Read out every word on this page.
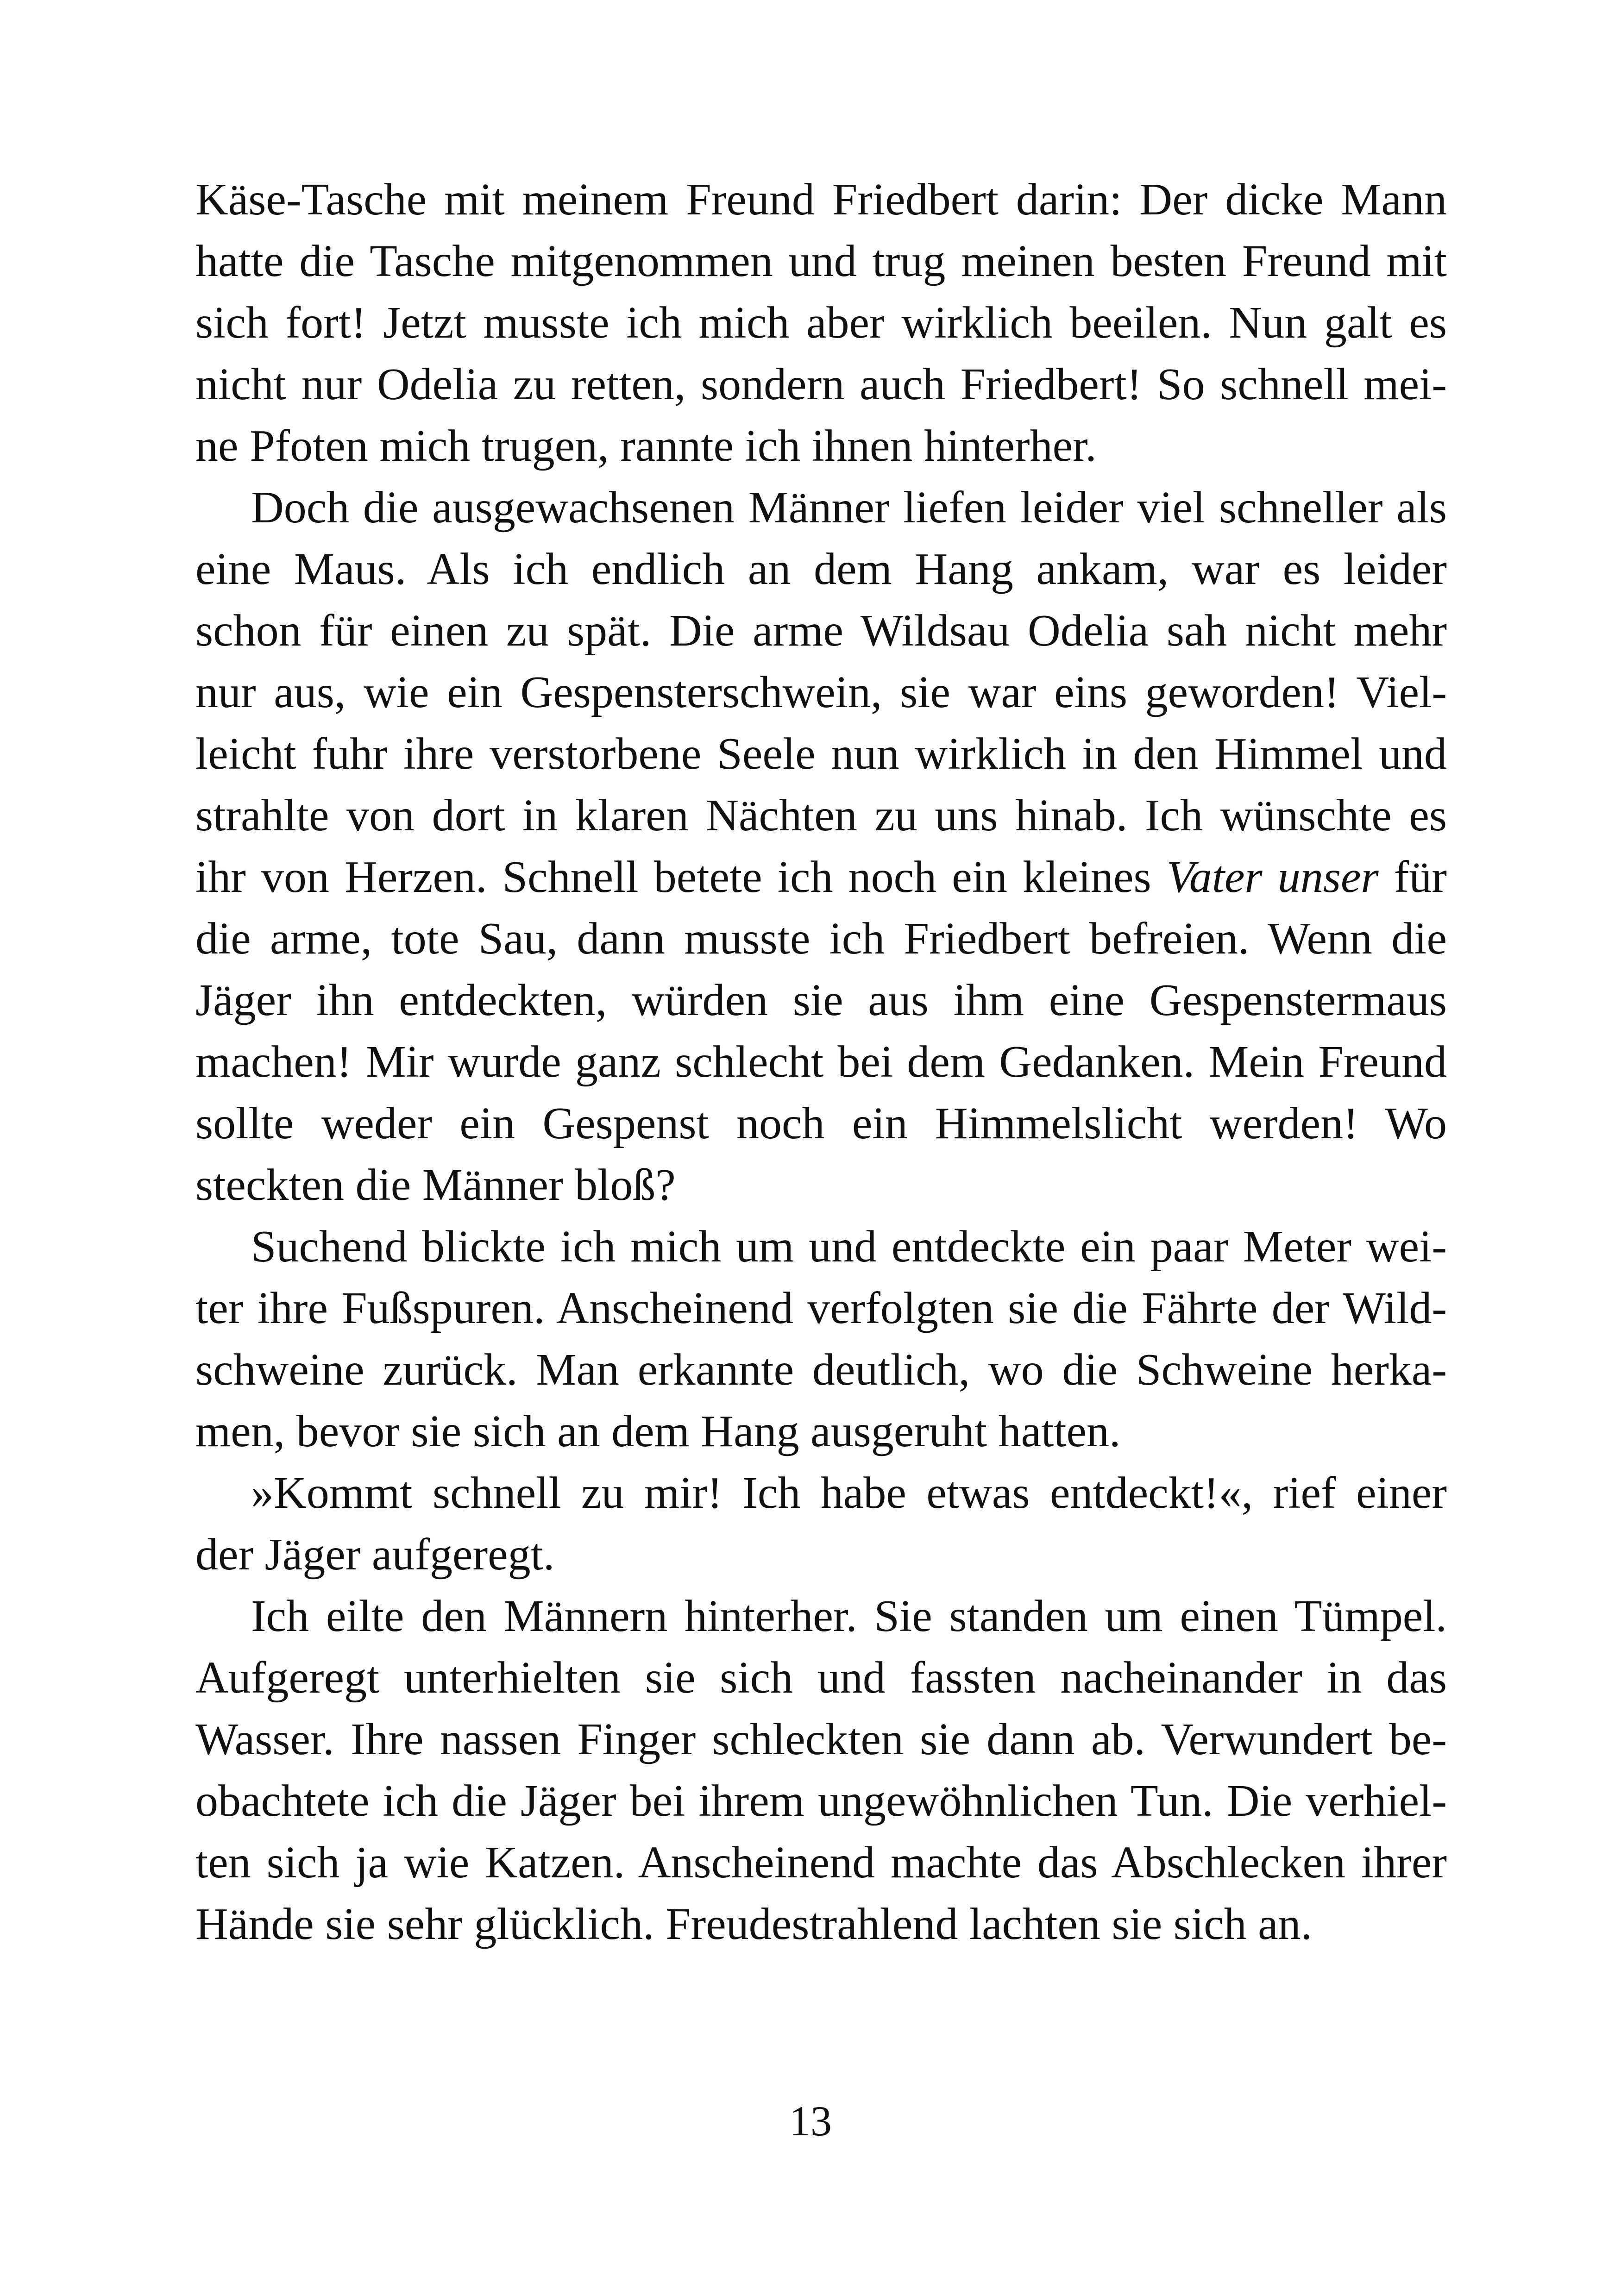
Käse-Tasche mit meinem Freund Friedbert darin: Der dicke Mann
hatte die Tasche mitgenommen und trug meinen besten Freund mit
sich fort! Jetzt musste ich mich aber wirklich beeilen. Nun galt es
nicht nur Odelia zu retten, sondern auch Friedbert! So schnell mei-
ne Pfoten mich trugen, rannte ich ihnen hinterher.
Doch die ausgewachsenen Männer liefen leider viel schneller als
eine Maus. Als ich endlich an dem Hang ankam, war es leider
schon für einen zu spät. Die arme Wildsau Odelia sah nicht mehr
nur aus, wie ein Gespensterschwein, sie war eins geworden! Viel-
leicht fuhr ihre verstorbene Seele nun wirklich in den Himmel und
strahlte von dort in klaren Nächten zu uns hinab. Ich wünschte es
ihr von Herzen. Schnell betete ich noch ein kleines Vater unser für
die arme, tote Sau, dann musste ich Friedbert befreien. Wenn die
Jäger ihn entdeckten, würden sie aus ihm eine Gespenstermaus
machen! Mir wurde ganz schlecht bei dem Gedanken. Mein Freund
sollte weder ein Gespenst noch ein Himmelslicht werden! Wo
steckten die Männer bloß?
Suchend blickte ich mich um und entdeckte ein paar Meter wei-
ter ihre Fußspuren. Anscheinend verfolgten sie die Fährte der Wild-
schweine zurück. Man erkannte deutlich, wo die Schweine herka-
men, bevor sie sich an dem Hang ausgeruht hatten.
»Kommt schnell zu mir! Ich habe etwas entdeckt!«, rief einer
der Jäger aufgeregt.
Ich eilte den Männern hinterher. Sie standen um einen Tümpel.
Aufgeregt unterhielten sie sich und fassten nacheinander in das
Wasser. Ihre nassen Finger schleckten sie dann ab. Verwundert be-
obachtete ich die Jäger bei ihrem ungewöhnlichen Tun. Die verhiel-
ten sich ja wie Katzen. Anscheinend machte das Abschlecken ihrer
Hände sie sehr glücklich. Freudestrahlend lachten sie sich an.
13
